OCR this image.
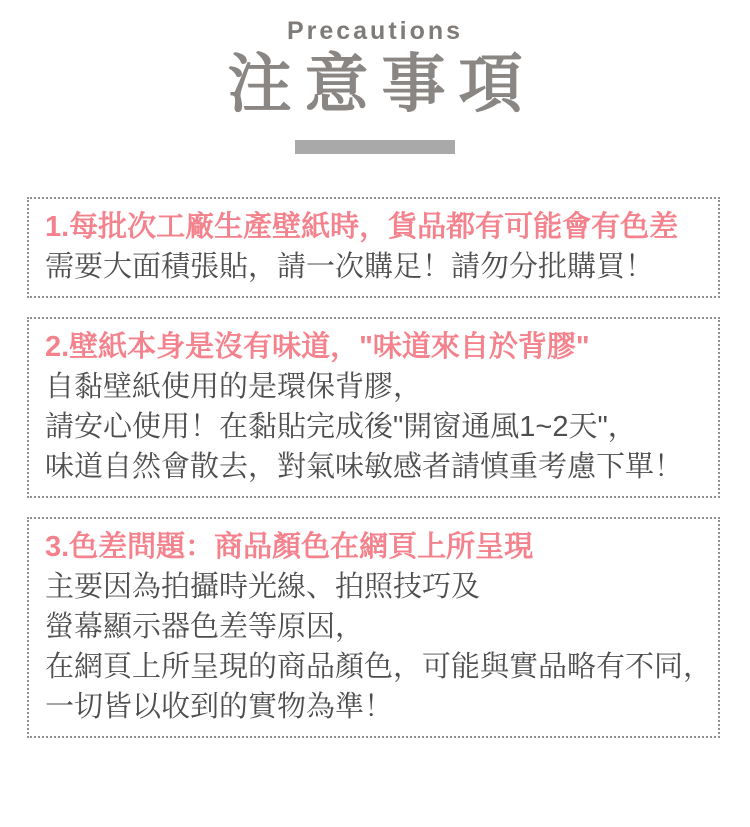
Precautions
注意事項

1.每批次工廠生產壁紙時，貨品都有可能會有色差

需要大面積張貼，請一次購足！請勿分批購買！

2.壁紙本身是沒有味道，"味道來自於背膠"

自黏壁紙使用的是環保背膠，

請安心使用！在黏貼完成後"開窗通風1~2天"，

味道自然會散去，對氣味敏感者請慎重考慮下單！

3.色差問題：商品顏色在網頁上所呈現

主要因為拍攝時光線、拍照技巧及

螢幕顯示器色差等原因，

在網頁上所呈現的商品顏色，可能與實品略有不同，

一切皆以收到的實物為準！
